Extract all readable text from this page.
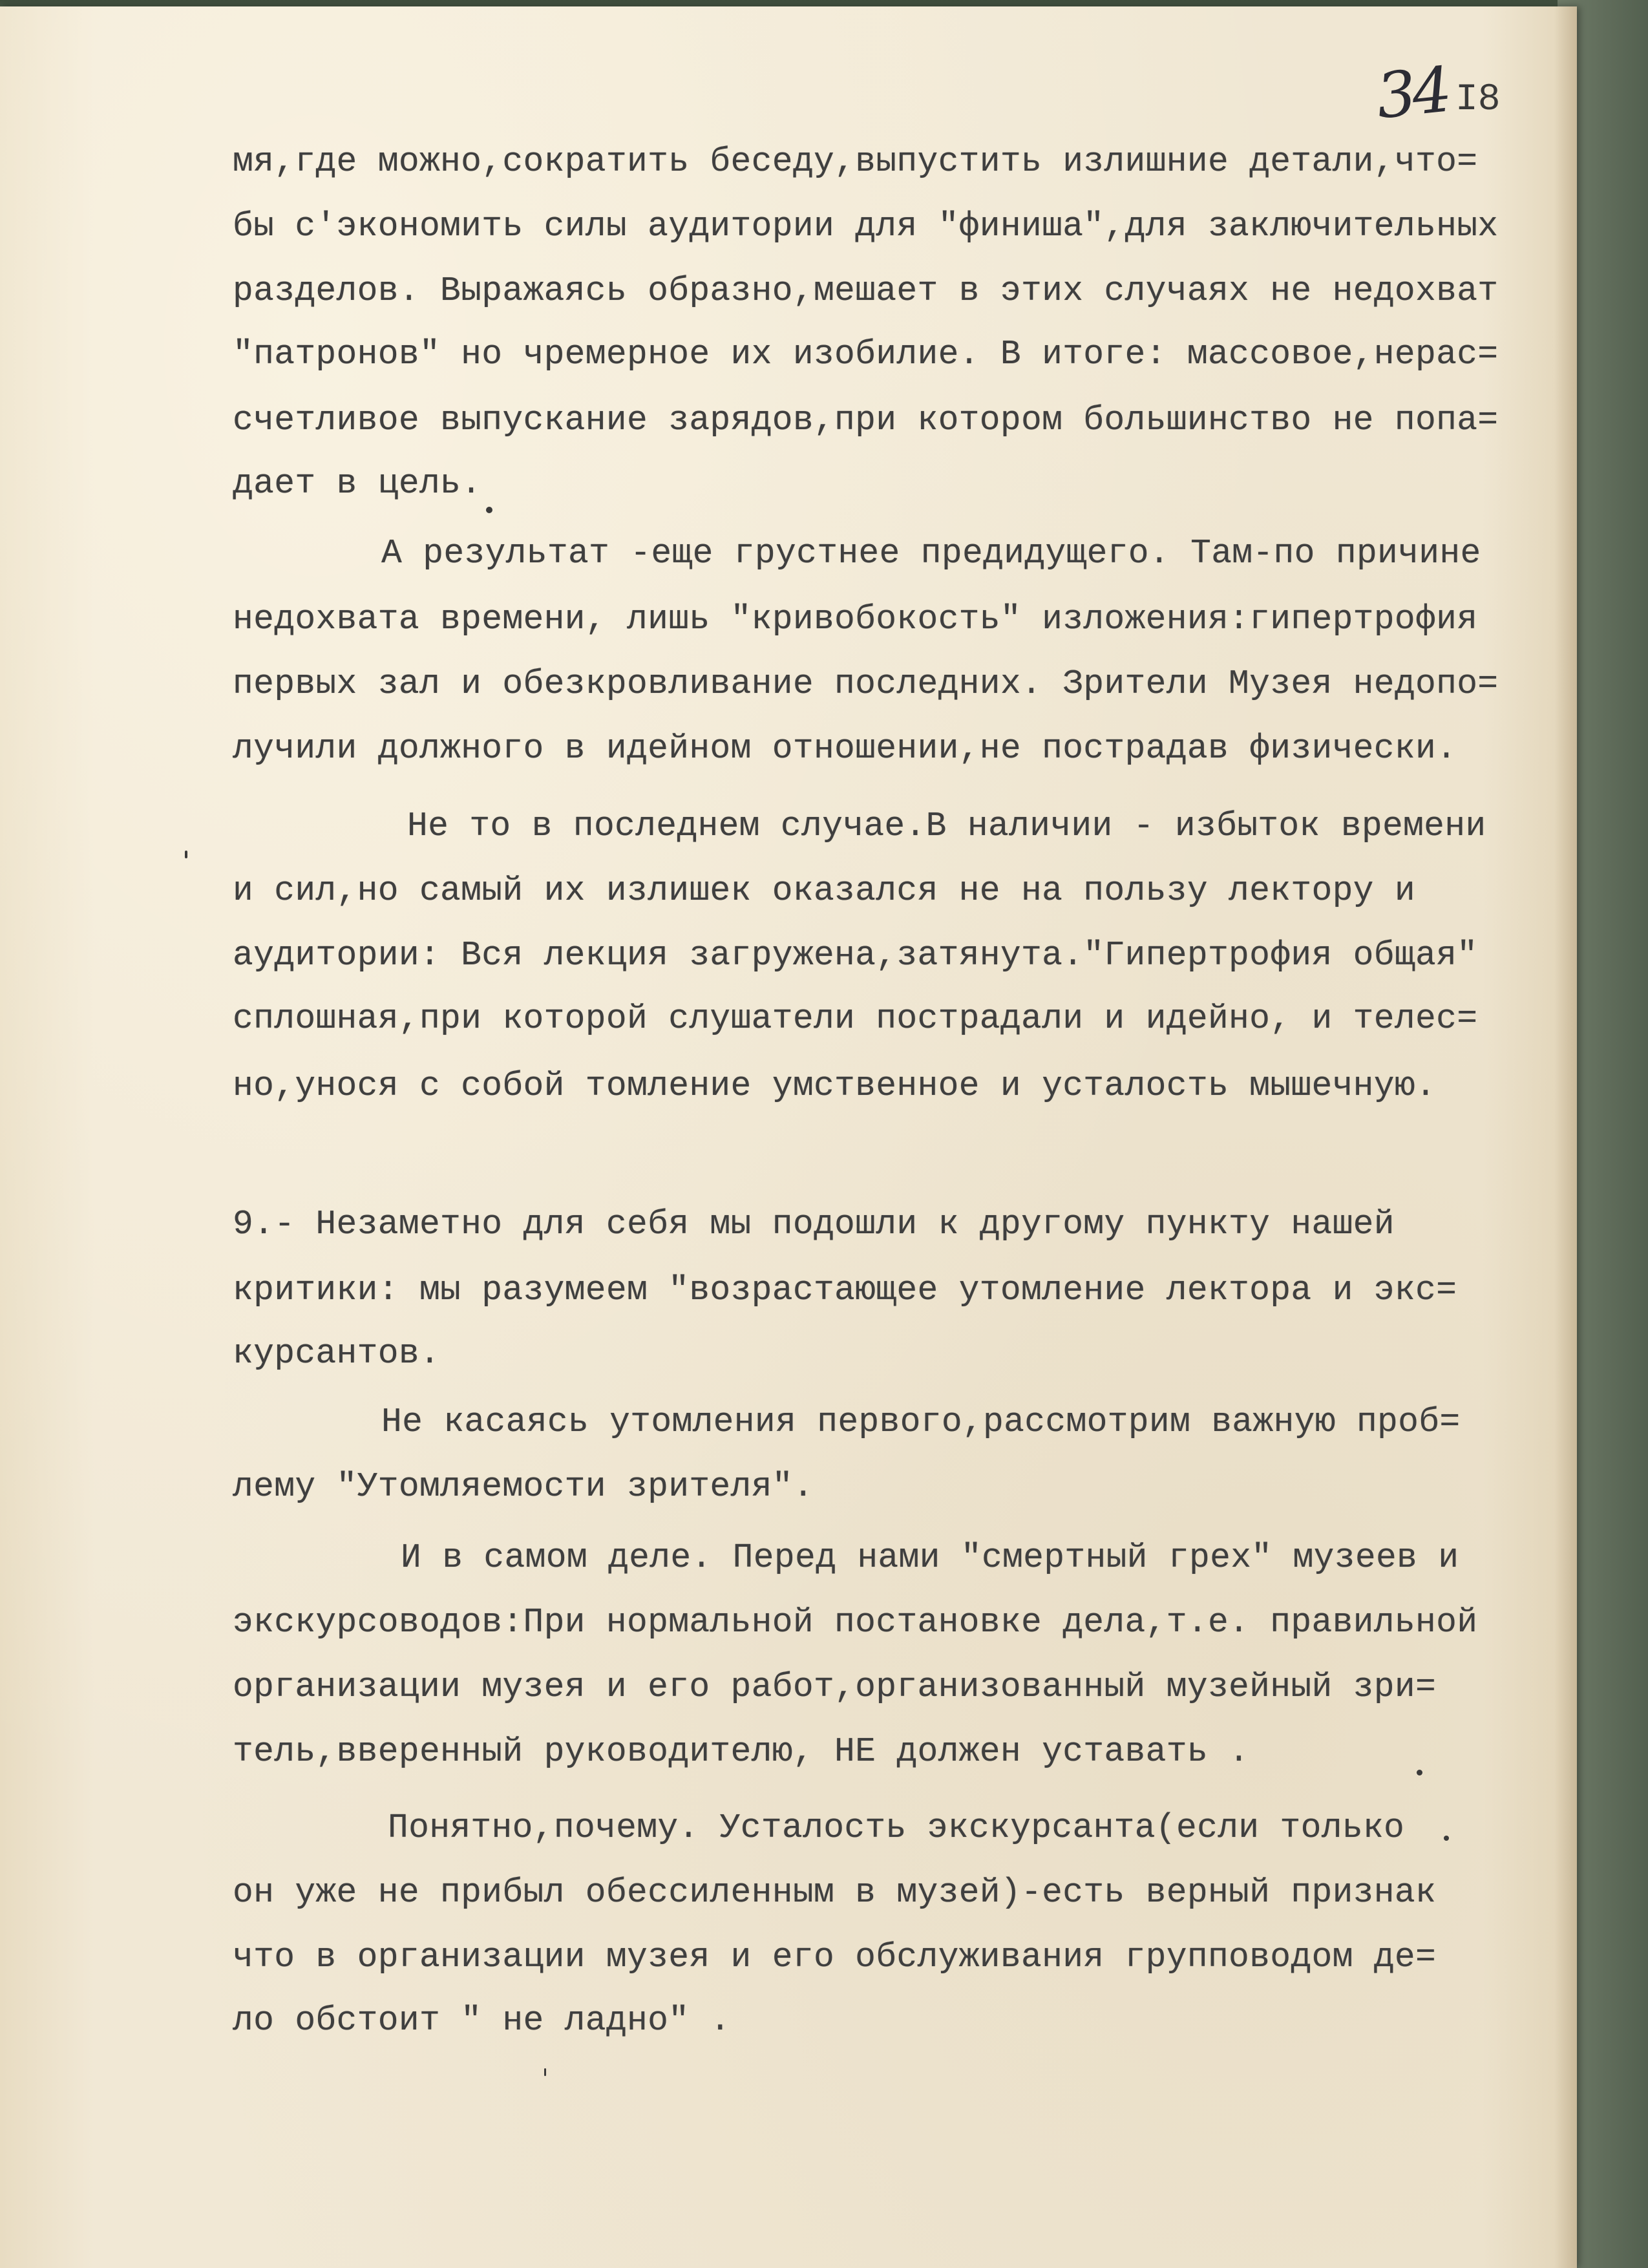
34 I8

мя,где можно,сократить беседу,выпустить излишние детали,что=

бы с'экономить силы аудитории для "финиша",для заключительных

разделов. Выражаясь образно,мешает в этих случаях не недохват

"патронов" но чремерное их изобилие. В итоге: массовое,нерас=

счетливое выпускание зарядов,при котором большинство не попа=

дает в цель.

А результат -еще грустнее предидущего. Там-по причине

недохвата времени, лишь "кривобокость" изложения:гипертрофия

первых зал и обезкровливание последних. Зрители Музея недопо=

лучили должного в идейном отношении,не пострадав физически.

Не то в последнем случае.В наличии - избыток времени

и сил,но самый их излишек оказался не на пользу лектору и

аудитории: Вся лекция загружена,затянута."Гипертрофия общая"

сплошная,при которой слушатели пострадали и идейно, и телес=

но,унося с собой томление умственное и усталость мышечную.

9.- Незаметно для себя мы подошли к другому пункту нашей

критики: мы разумеем "возрастающее утомление лектора и экс=

курсантов.

Не касаясь утомления первого,рассмотрим важную проб=

лему "Утомляемости зрителя".

И в самом деле. Перед нами "смертный грех" музеев и

экскурсоводов:При нормальной постановке дела,т.е. правильной

организации музея и его работ,организованный музейный зри=

тель,вверенный руководителю, НЕ должен уставать .

Понятно,почему. Усталость экскурсанта(если только

он уже не прибыл обессиленным в музей)-есть верный признак

что в организации музея и его обслуживания групповодом де=

ло обстоит " не ладно" .
